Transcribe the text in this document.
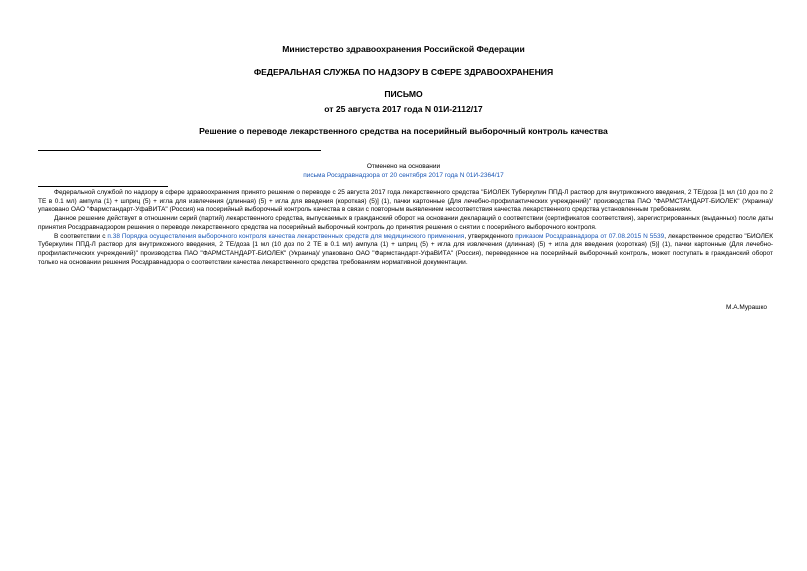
Министерство здравоохранения Российской Федерации
ФЕДЕРАЛЬНАЯ СЛУЖБА ПО НАДЗОРУ В СФЕРЕ ЗДРАВООХРАНЕНИЯ
ПИСЬМО
от 25 августа 2017 года N 01И-2112/17
Решение о переводе лекарственного средства на посерийный выборочный контроль качества
Отменено на основании
письма Росздравнадзора от 20 сентября 2017 года N 01И-2364/17

Федеральной службой по надзору в сфере здравоохранения принято решение о переводе с 25 августа 2017 года лекарственного средства "БИОЛЕК Туберкулин ППД-Л раствор для внутрикожного введения, 2 ТЕ/доза [1 мл (10 доз по 2 ТЕ в 0.1 мл) ампула (1) + шприц (5) + игла для извлечения (длинная) (5) + игла для введения (короткая) (5)] (1), пачки картонные (Для лечебно-профилактических учреждений)" производства ПАО "ФАРМСТАНДАРТ-БИОЛЕК" (Украина)/упаковано ОАО "Фармстандарт-УфаВИТА" (Россия) на посерийный выборочный контроль качества в связи с повторным выявлением несоответствия качества лекарственного средства установленным требованиям.

Данное решение действует в отношении серий (партий) лекарственного средства, выпускаемых в гражданский оборот на основании деклараций о соответствии (сертификатов соответствия), зарегистрированных (выданных) после даты принятия Росздравнадзором решения о переводе лекарственного средства на посерийный выборочный контроль до принятия решения о снятии с посерийного выборочного контроля.

В соответствии с п.38 Порядка осуществления выборочного контроля качества лекарственных средств для медицинского применения, утвержденного приказом Росздравнадзора от 07.08.2015 N 5539, лекарственное средство "БИОЛЕК Туберкулин ППД-Л раствор для внутрикожного введения, 2 ТЕ/доза [1 мл (10 доз по 2 ТЕ в 0.1 мл) ампула (1) + шприц (5) + игла для извлечения (длинная) (5) + игла для введения (короткая) (5)] (1), пачки картонные (Для лечебно-профилактических учреждений)" производства ПАО "ФАРМСТАНДАРТ-БИОЛЕК" (Украина)/ упаковано ОАО "Фармстандарт-УфаВИТА" (Россия), переведенное на посерийный выборочный контроль, может поступать в гражданский оборот только на основании решения Росздравнадзора о соответствии качества лекарственного средства требованиям нормативной документации.

М.А.Мурашко
